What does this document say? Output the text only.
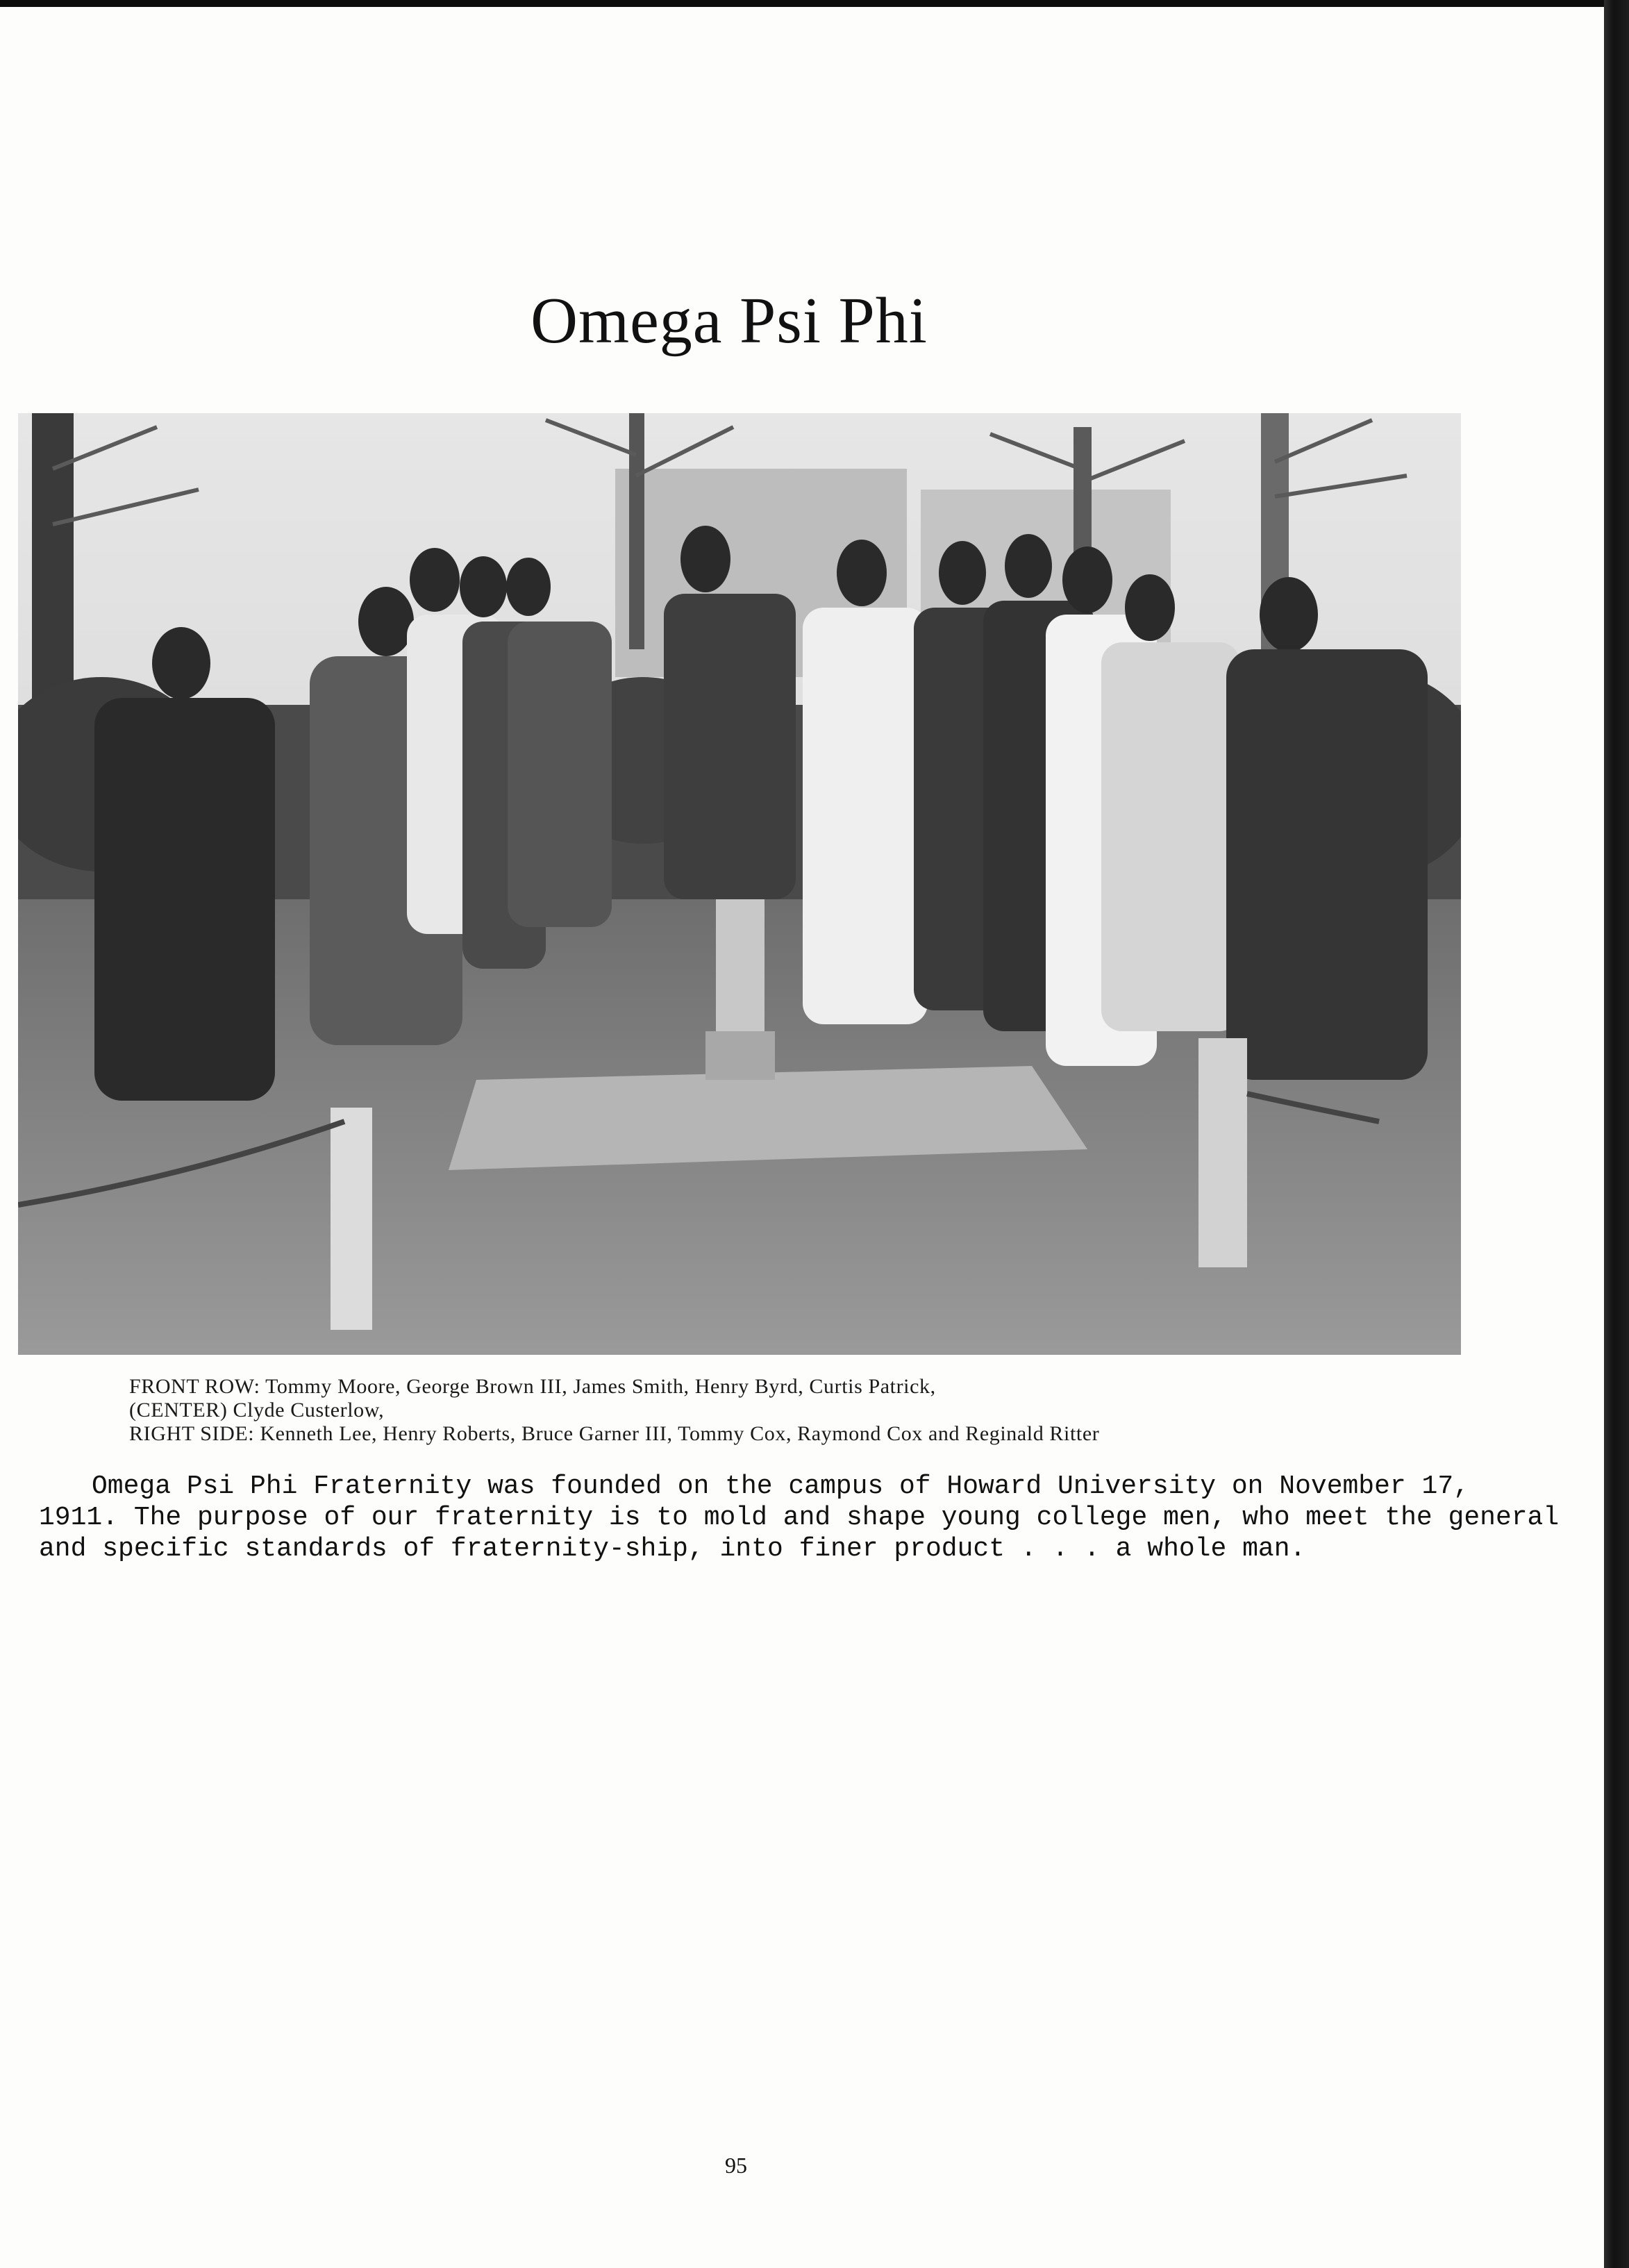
Omega Psi Phi
FRONT ROW: Tommy Moore, George Brown III, James Smith, Henry Byrd, Curtis Patrick,
(CENTER) Clyde Custerlow,
RIGHT SIDE: Kenneth Lee, Henry Roberts, Bruce Garner III, Tommy Cox, Raymond Cox and Reginald Ritter
Omega Psi Phi Fraternity was founded on the campus of Howard University on November 17,
1911. The purpose of our fraternity is to mold and shape young college men, who meet the general
and specific standards of fraternity-ship, into finer product . . . a whole man.
95
